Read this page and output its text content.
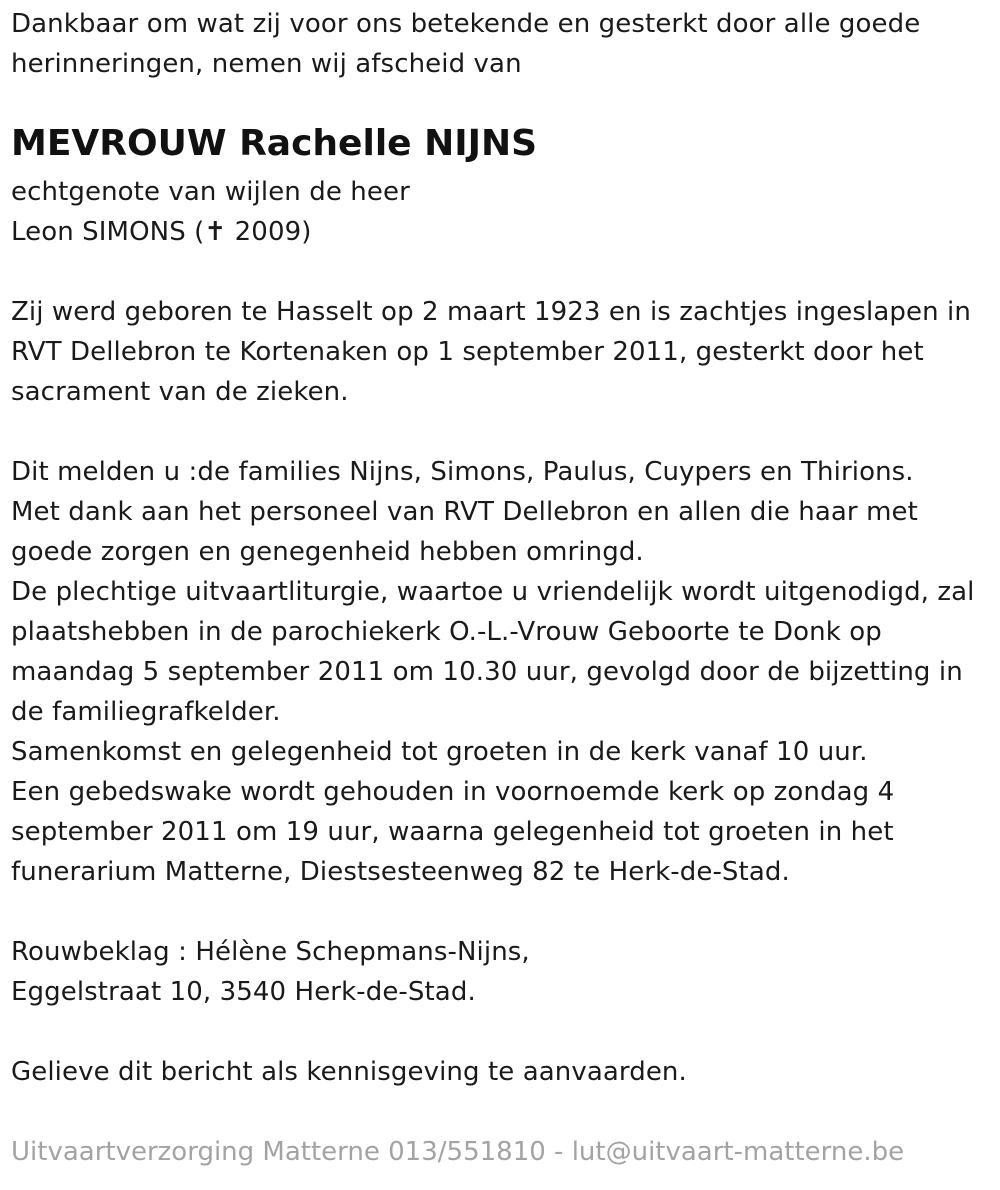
Dankbaar om wat zij voor ons betekende en gesterkt door alle goede
herinneringen, nemen wij afscheid van
MEVROUW Rachelle NIJNS
echtgenote van wijlen de heer
Leon SIMONS (✝ 2009)
Zij werd geboren te Hasselt op 2 maart 1923 en is zachtjes ingeslapen in
RVT Dellebron te Kortenaken op 1 september 2011, gesterkt door het
sacrament van de zieken.
Dit melden u :de families Nijns, Simons, Paulus, Cuypers en Thirions.
Met dank aan het personeel van RVT Dellebron en allen die haar met
goede zorgen en genegenheid hebben omringd.
De plechtige uitvaartliturgie, waartoe u vriendelijk wordt uitgenodigd, zal
plaatshebben in de parochiekerk O.-L.-Vrouw Geboorte te Donk op
maandag 5 september 2011 om 10.30 uur, gevolgd door de bijzetting in
de familiegrafkelder.
Samenkomst en gelegenheid tot groeten in de kerk vanaf 10 uur.
Een gebedswake wordt gehouden in voornoemde kerk op zondag 4
september 2011 om 19 uur, waarna gelegenheid tot groeten in het
funerarium Matterne, Diestsesteenweg 82 te Herk-de-Stad.
Rouwbeklag : Hélène Schepmans-Nijns,
Eggelstraat 10, 3540 Herk-de-Stad.
Gelieve dit bericht als kennisgeving te aanvaarden.
Uitvaartverzorging Matterne 013/551810 - lut@uitvaart-matterne.be
